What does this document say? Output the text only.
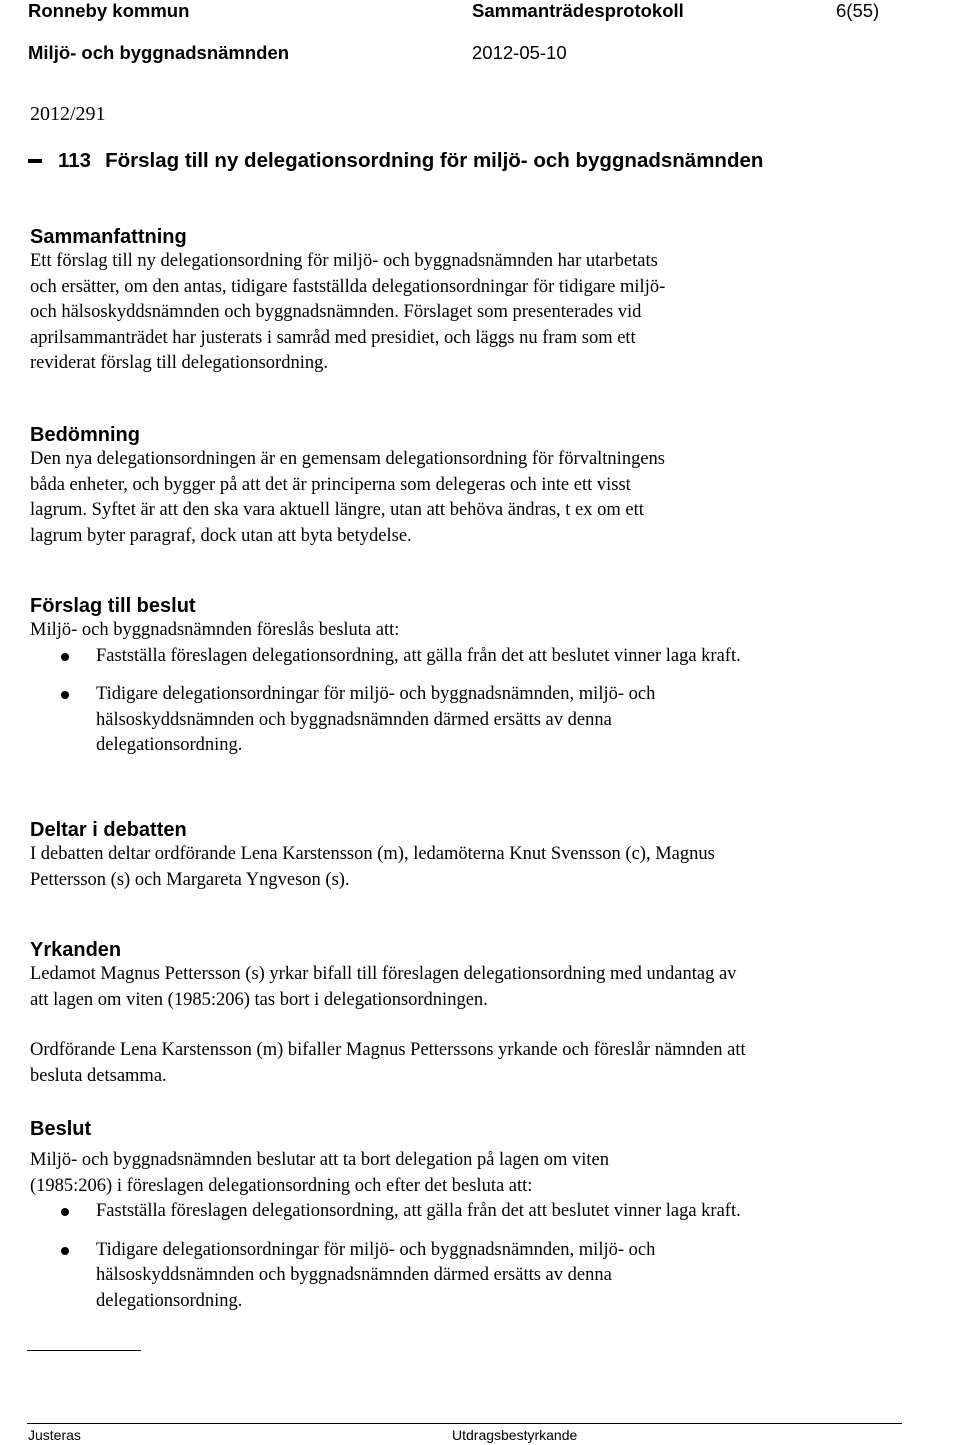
Ronneby kommun	Sammanträdesprotokoll	6(55)
Miljö- och byggnadsnämnden	2012-05-10
2012/291
113 Förslag till ny delegationsordning för miljö- och byggnadsnämnden
Sammanfattning
Ett förslag till ny delegationsordning för miljö- och byggnadsnämnden har utarbetats
och ersätter, om den antas, tidigare fastställda delegationsordningar för tidigare miljö-
och hälsoskyddsnämnden och byggnadsnämnden. Förslaget som presenterades vid
aprilsammanträdet har justerats i samråd med presidiet, och läggs nu fram som ett
reviderat förslag till delegationsordning.
Bedömning
Den nya delegationsordningen är en gemensam delegationsordning för förvaltningens
båda enheter, och bygger på att det är principerna som delegeras och inte ett visst
lagrum. Syftet är att den ska vara aktuell längre, utan att behöva ändras, t ex om ett
lagrum byter paragraf, dock utan att byta betydelse.
Förslag till beslut
Miljö- och byggnadsnämnden föreslås besluta att:
Fastställa föreslagen delegationsordning, att gälla från det att beslutet vinner laga kraft.
Tidigare delegationsordningar för miljö- och byggnadsnämnden, miljö- och
hälsoskyddsnämnden och byggnadsnämnden därmed ersätts av denna
delegationsordning.
Deltar i debatten
I debatten deltar ordförande Lena Karstensson (m), ledamöterna Knut Svensson (c), Magnus
Pettersson (s) och Margareta Yngveson (s).
Yrkanden
Ledamot Magnus Pettersson (s) yrkar bifall till föreslagen delegationsordning med undantag av
att lagen om viten (1985:206) tas bort i delegationsordningen.
Ordförande Lena Karstensson (m) bifaller Magnus Petterssons yrkande och föreslår nämnden att
besluta detsamma.
Beslut
Miljö- och byggnadsnämnden beslutar att ta bort delegation på lagen om viten
(1985:206) i föreslagen delegationsordning och efter det besluta att:
Fastställa föreslagen delegationsordning, att gälla från det att beslutet vinner laga kraft.
Tidigare delegationsordningar för miljö- och byggnadsnämnden, miljö- och
hälsoskyddsnämnden och byggnadsnämnden därmed ersätts av denna
delegationsordning.
Justeras	Utdragsbestyrkande
